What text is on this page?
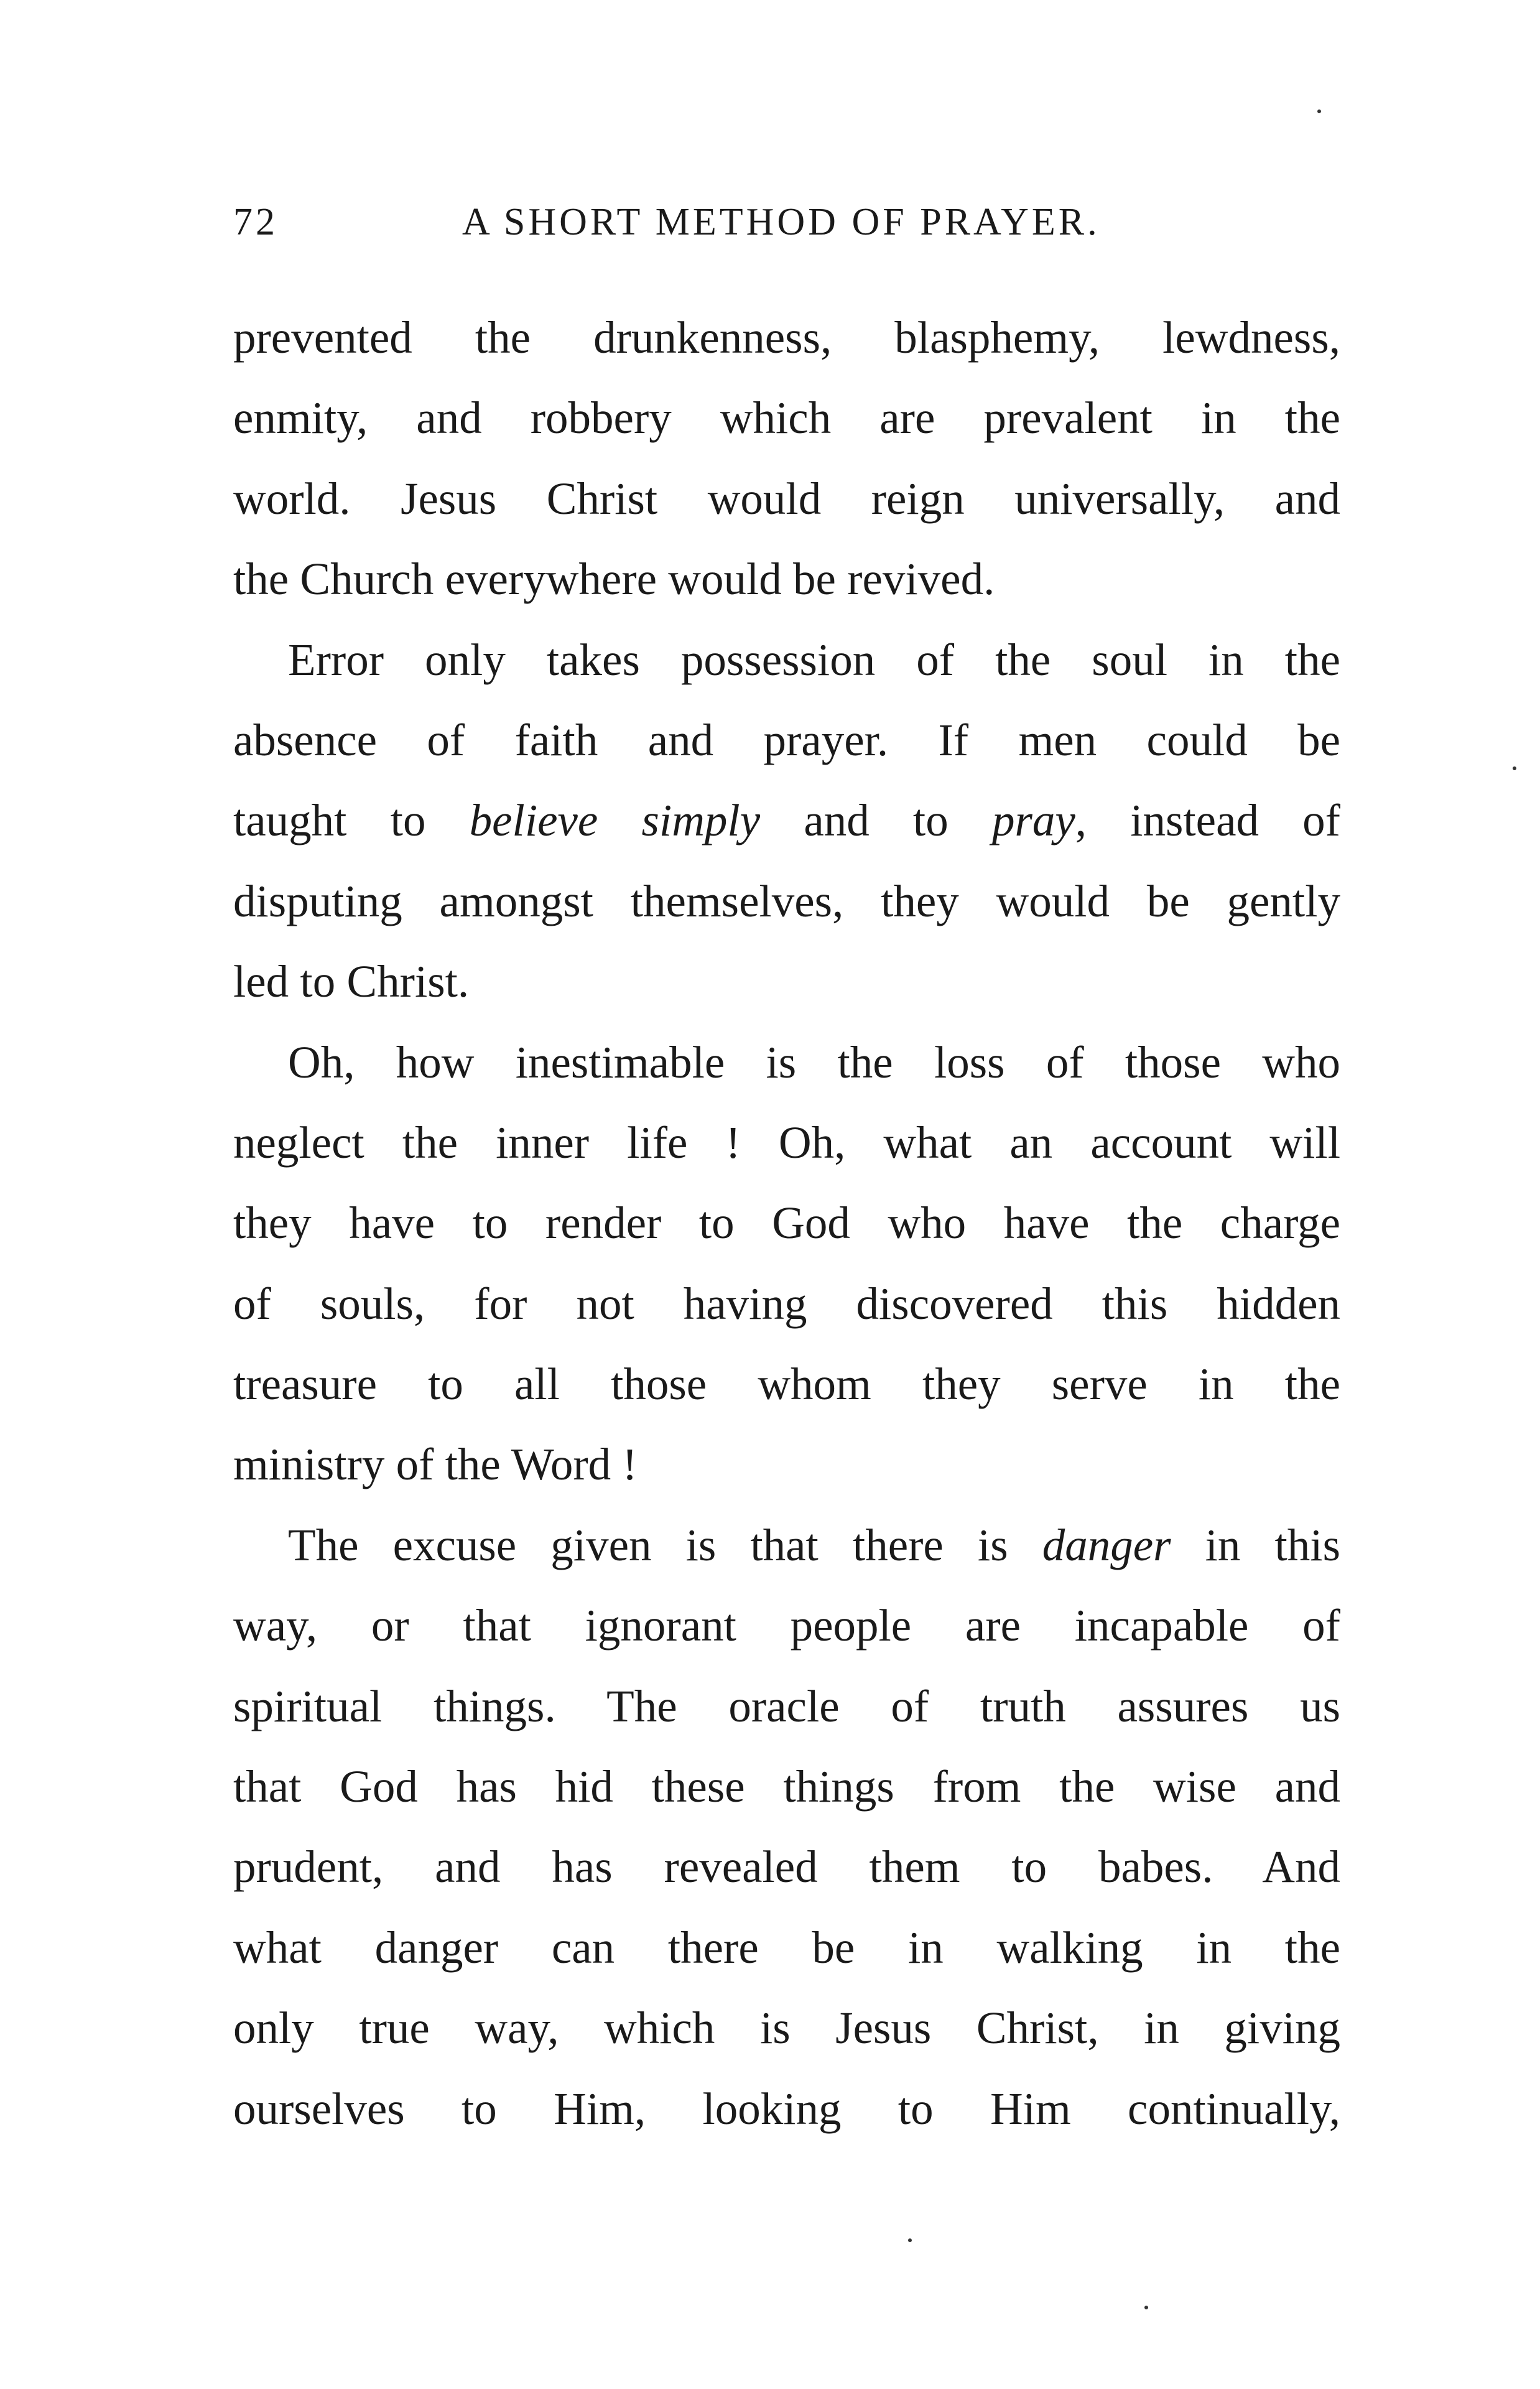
72	A SHORT METHOD OF PRAYER.
prevented the drunkenness, blasphemy, lewdness,
enmity, and robbery which are prevalent in the
world. Jesus Christ would reign universally, and
the Church everywhere would be revived.
Error only takes possession of the soul in the
absence of faith and prayer. If men could be
taught to believe simply and to pray, instead of
disputing amongst themselves, they would be gently
led to Christ.
Oh, how inestimable is the loss of those who
neglect the inner life ! Oh, what an account will
they have to render to God who have the charge
of souls, for not having discovered this hidden
treasure to all those whom they serve in the
ministry of the Word !
The excuse given is that there is danger in this
way, or that ignorant people are incapable of
spiritual things. The oracle of truth assures us
that God has hid these things from the wise and
prudent, and has revealed them to babes. And
what danger can there be in walking in the
only true way, which is Jesus Christ, in giving
ourselves to Him, looking to Him continually,
